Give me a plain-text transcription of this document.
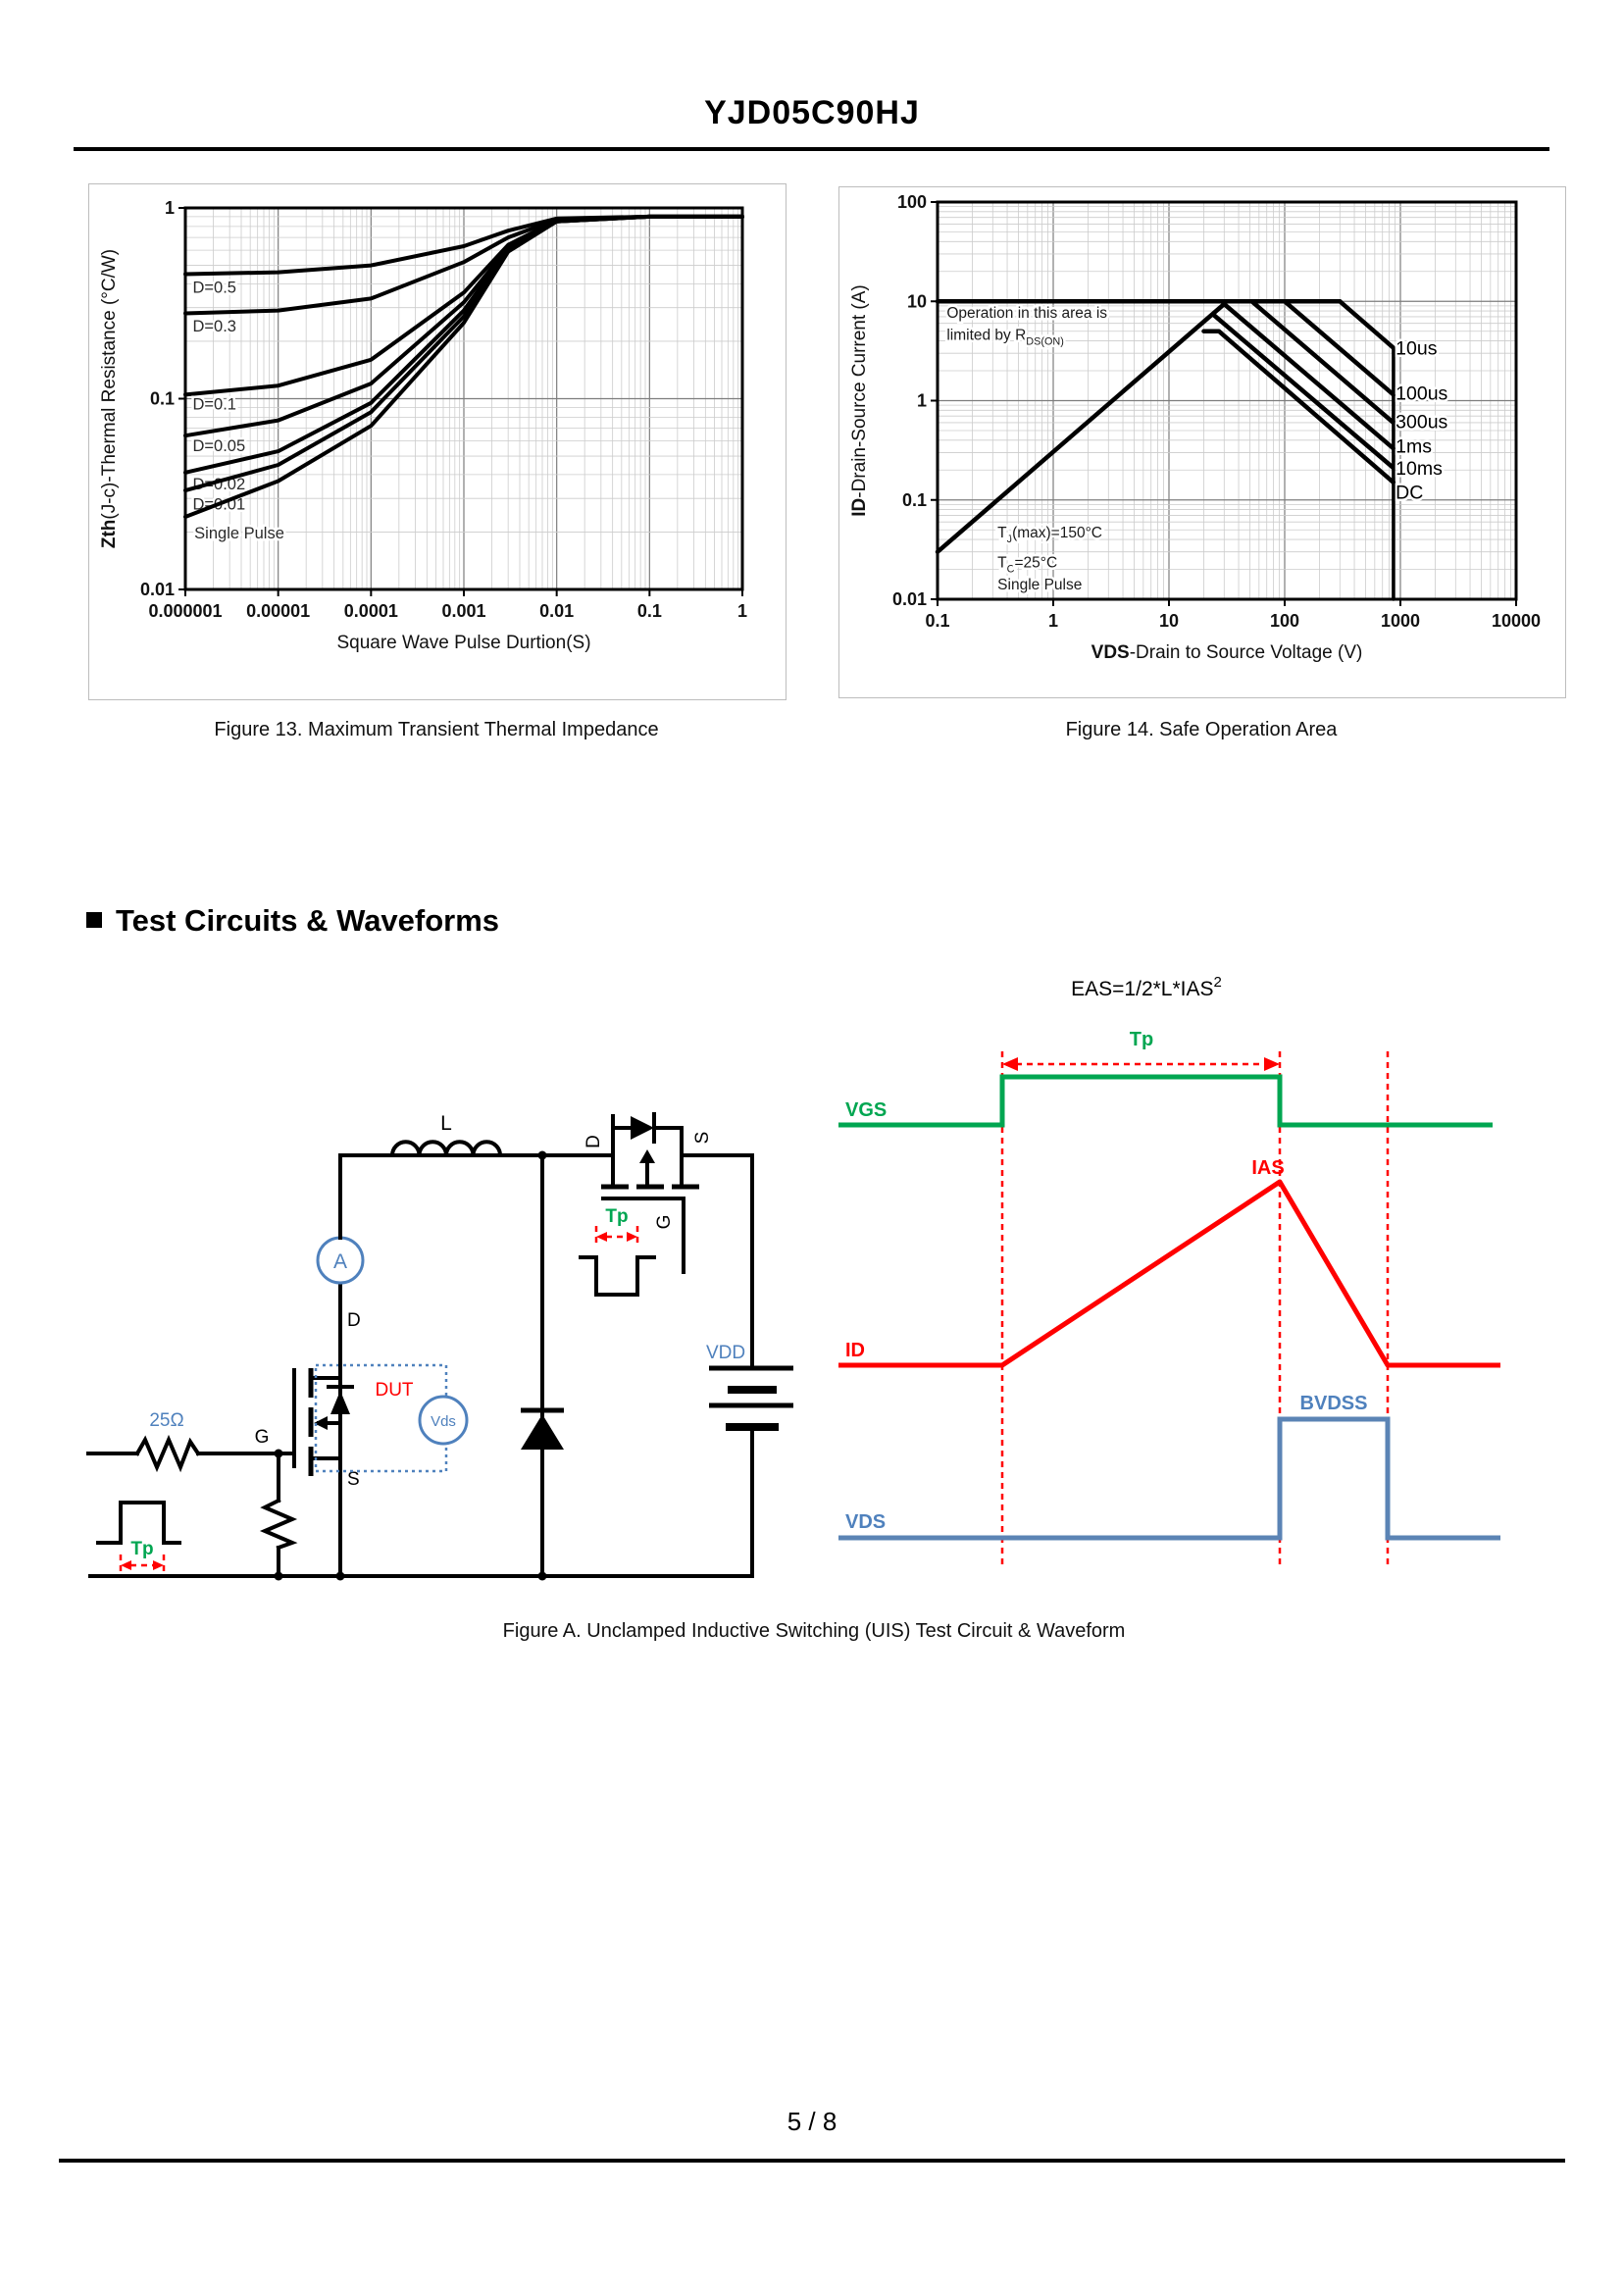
YJD05C90HJ
0.000001 0.00001 0.0001 0.001	0.01	0.1	1
1
0.1
0.01
Square Wave Pulse Durtion(S)
Zth(J-c)-Thermal Resistance (°C/W)	D=0.5
D=0.3
D=0.1
D=0.05
D=0.02
D=0.01
Single Pulse
0.1	1	10	100	1000	10000
100
10
1
0.1
0.01
VDS-Drain to Source Voltage (V)
ID-Drain-Source Current (A)	10us
100us
300us
1ms
10ms
DC
Operation in this area is
limited by $R_{DS(ON)}$
$T_J(\max)=150^\circ C$
$T_C=25^\circ C$
Single Pulse
Figure 13. Maximum Transient Thermal Impedance	Figure 14. Safe Operation Area
Test Circuits & Waveforms
25Ω
Tp
G
D
S
DUT
Vds
A
L
D	S
G
Tp
VDD
$EAS=1/2*L*IAS^2$
Tp
VGS
ID
IAS
VDS
BVDSS
Figure A. Unclamped Inductive Switching (UIS) Test Circuit & Waveform
5 / 8
